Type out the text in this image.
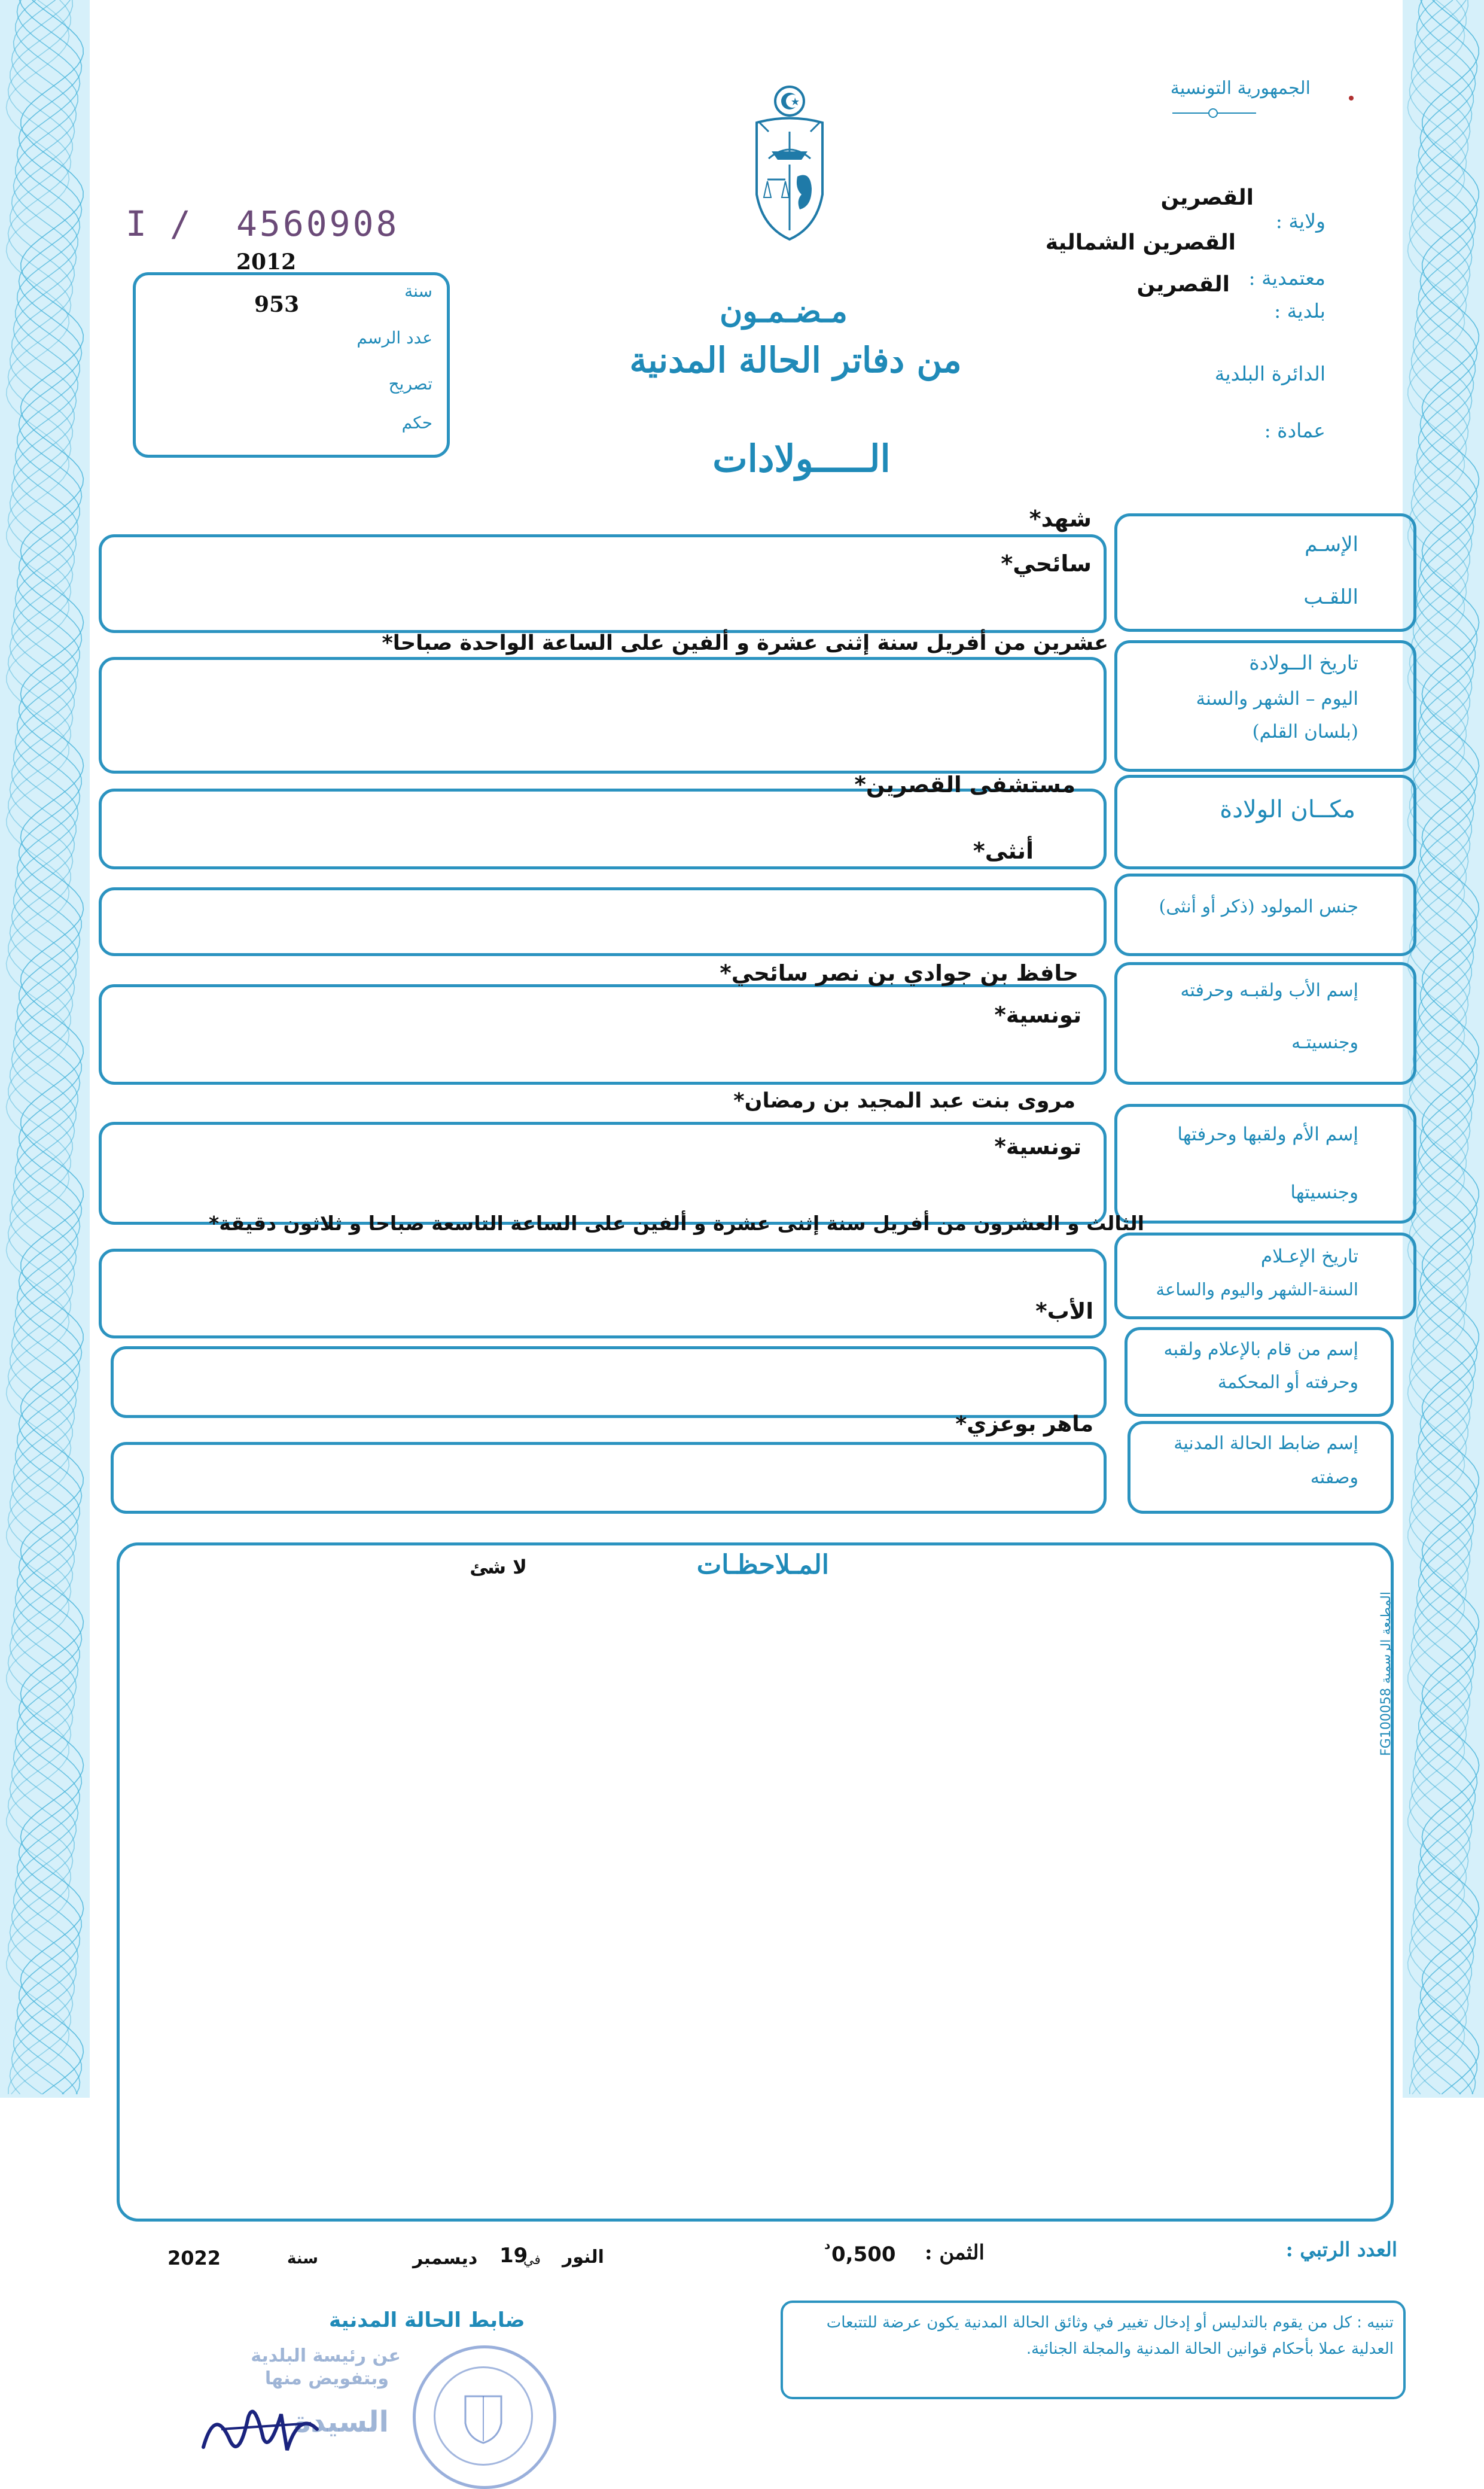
الجمهورية التونسية
ولاية :
القصرين
معتمدية :
القصرين الشمالية
بلدية :
القصرين
الدائرة البلدية
عمادة :
I / 4560908
2012
953
سنة
عدد الرسم
تصريح
حكم
مـضـمـون
من دفاتر الحالة المدنية
الـــــولادات
الإسـم
اللقـب
شهد*
سائحي*
تاريخ الــولادة
اليوم – الشهر والسنة
(بلسان القلم)
عشرين من أفريل سنة إثنى عشرة و ألفين على الساعة الواحدة صباحا*
مكــان الولادة
مستشفى القصرين*
جنس المولود (ذكر أو أنثى)
أنثى*
إسم الأب ولقبـه وحرفته
وجنسيتـه
حافظ بن جوادي بن نصر سائحي*
تونسية*
إسم الأم ولقبها وحرفتها
وجنسيتها
مروى بنت عبد المجيد بن رمضان*
تونسية*
تاريخ الإعـلام
السنة-الشهر واليوم والساعة
الثالث و العشرون من أفريل سنة إثنى عشرة و ألفين على الساعة التاسعة صباحا و ثلاثون دقيقة*
إسم من قام بالإعلام ولقبه
وحرفته أو المحكمة
الأب*
إسم ضابط الحالة المدنية
وصفته
ماهر بوعزي*
المـلاحظـات
لا شئ
المطبعة الرسمية FG100058
العدد الرتبي :
الثمن :
0,500
د
النور
في
19
ديسمبر
سنة
2022
ضابط الحالة المدنية	تنبيه : كل من يقوم بالتدليس أو إدخال تغيير في وثائق الحالة المدنية يكون عرضة للتتبعات العدلية عملا بأحكام قوانين الحالة المدنية والمجلة الجنائية.
عن رئيسة البلدية
وبتفويض منها
السيدة
